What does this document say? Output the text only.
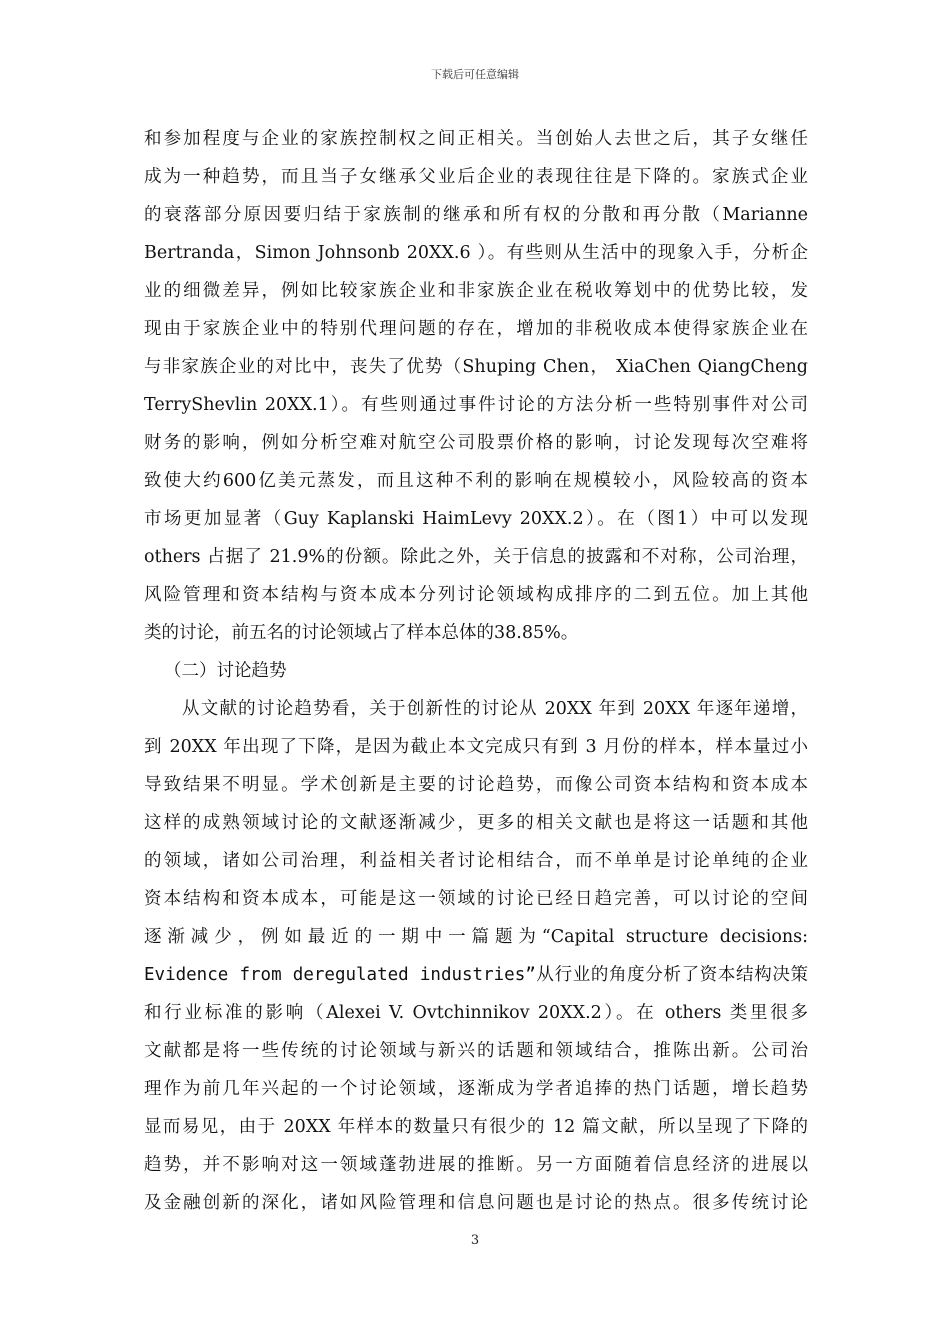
下载后可任意编辑
和参加程度与企业的家族控制权之间正相关。当创始人去世之后，其子女继任
成为一种趋势，而且当子女继承父业后企业的表现往往是下降的。家族式企业
的衰落部分原因要归结于家族制的继承和所有权的分散和再分散（Marianne
Bertranda，Simon Johnsonb 20XX.6 ）。有些则从生活中的现象入手，分析企
业的细微差异，例如比较家族企业和非家族企业在税收筹划中的优势比较，发
现由于家族企业中的特别代理问题的存在，增加的非税收成本使得家族企业在
与非家族企业的对比中，丧失了优势（Shuping Chen， XiaChen QiangCheng
TerryShevlin 20XX.1）。有些则通过事件讨论的方法分析一些特别事件对公司
财务的影响，例如分析空难对航空公司股票价格的影响，讨论发现每次空难将
致使大约600亿美元蒸发，而且这种不利的影响在规模较小，风险较高的资本
市场更加显著（Guy Kaplanski HaimLevy 20XX.2）。在（图1）中可以发现
others 占据了 21.9%的份额。除此之外，关于信息的披露和不对称，公司治理，
风险管理和资本结构与资本成本分列讨论领域构成排序的二到五位。加上其他
类的讨论，前五名的讨论领域占了样本总体的38.85%。
（二）讨论趋势
从文献的讨论趋势看，关于创新性的讨论从 20XX 年到 20XX 年逐年递增，
到 20XX 年出现了下降，是因为截止本文完成只有到 3 月份的样本，样本量过小
导致结果不明显。学术创新是主要的讨论趋势，而像公司资本结构和资本成本
这样的成熟领域讨论的文献逐渐减少，更多的相关文献也是将这一话题和其他
的领域，诸如公司治理，利益相关者讨论相结合，而不单单是讨论单纯的企业
资本结构和资本成本，可能是这一领域的讨论已经日趋完善，可以讨论的空间
逐渐减少，例如最近的一期中一篇题为“Capital structure decisions:
Evidence from deregulated industries”从行业的角度分析了资本结构决策
和行业标准的影响（Alexei V. Ovtchinnikov 20XX.2）。在 others 类里很多
文献都是将一些传统的讨论领域与新兴的话题和领域结合，推陈出新。公司治
理作为前几年兴起的一个讨论领域，逐渐成为学者追捧的热门话题，增长趋势
显而易见，由于 20XX 年样本的数量只有很少的 12 篇文献，所以呈现了下降的
趋势，并不影响对这一领域蓬勃进展的推断。另一方面随着信息经济的进展以
及金融创新的深化，诸如风险管理和信息问题也是讨论的热点。很多传统讨论
3
